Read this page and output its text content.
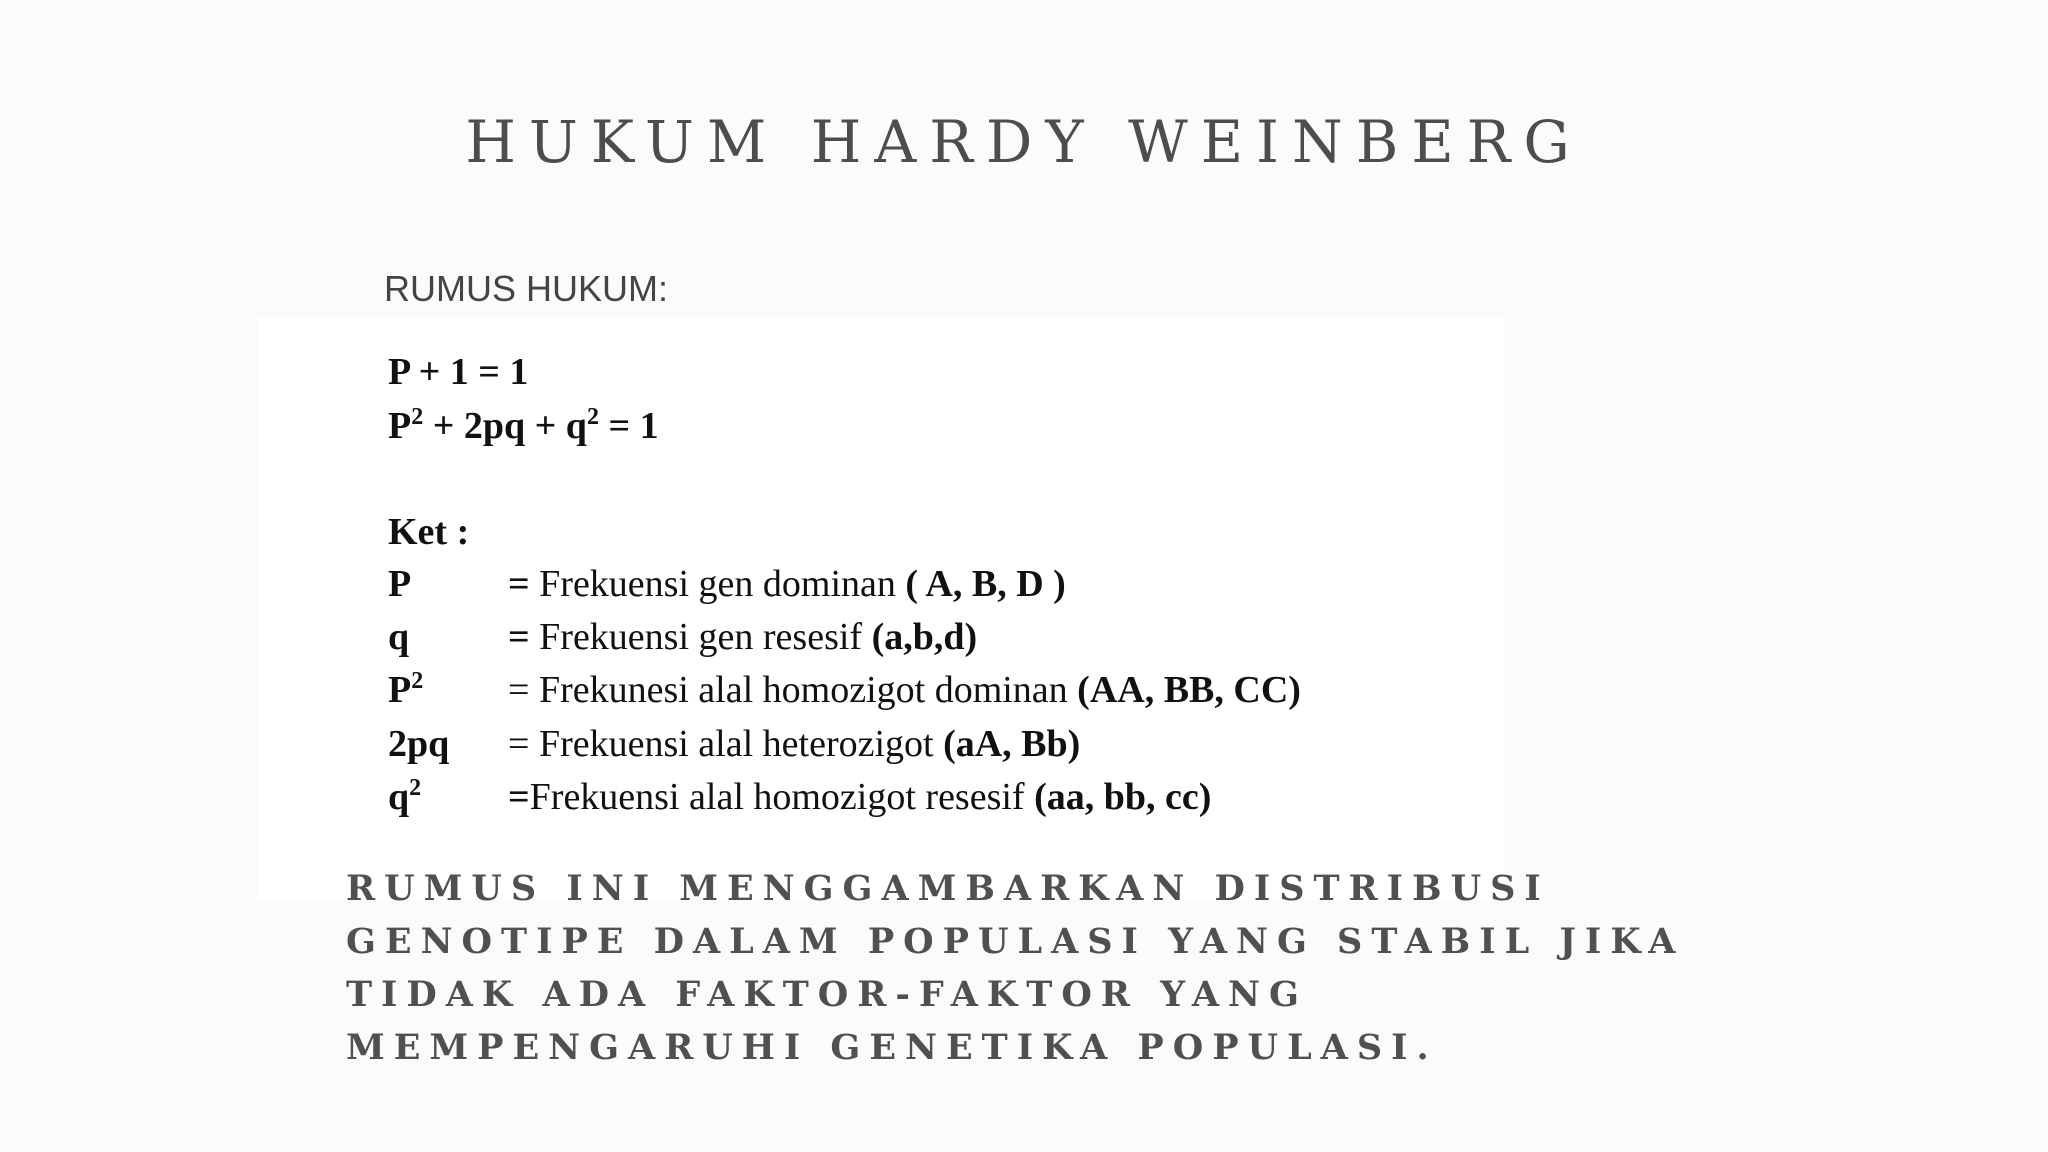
HUKUM HARDY WEINBERG

RUMUS HUKUM:

P + 1 = 1
$P^2 + 2pq + q^2 = 1$
Ket :
P	= Frekuensi gen dominan ( A, B, D )
q	= Frekuensi gen resesif (a,b,d)
$P^2$ = Frekunesi alal homozigot dominan (AA, BB, CC)
2pq = Frekuensi alal heterozigot (aA, Bb)
$q^2$ =Frekuensi alal homozigot resesif (aa, bb, cc)

RUMUS INI MENGGAMBARKAN DISTRIBUSI GENOTIPE DALAM POPULASI YANG STABIL JIKA TIDAK ADA FAKTOR-FAKTOR YANG MEMPENGARUHI GENETIKA POPULASI.
